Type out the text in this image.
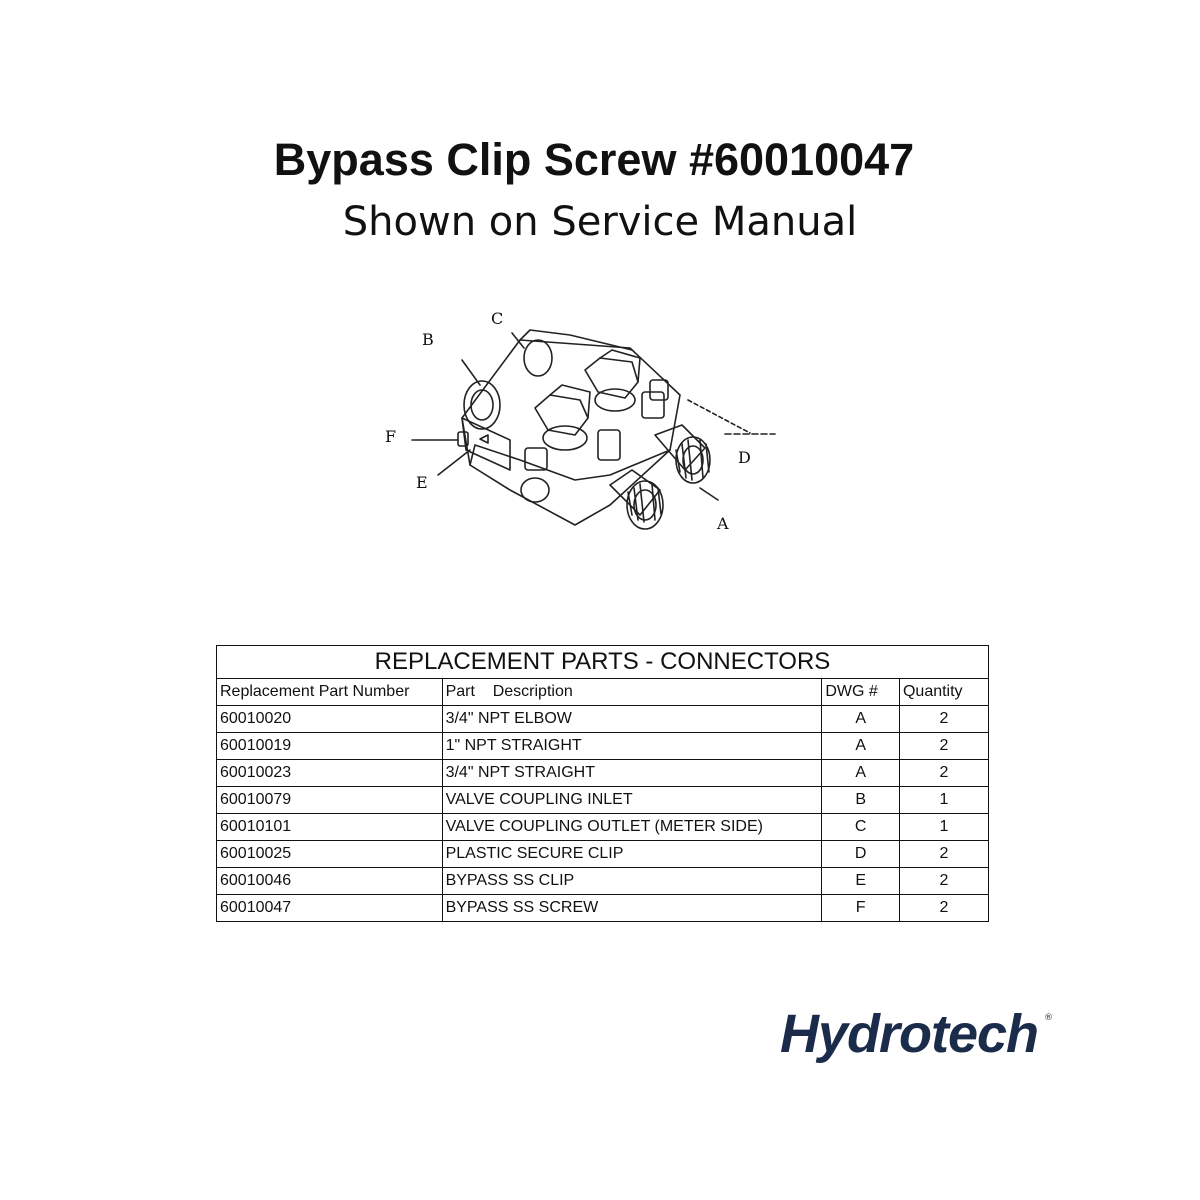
Bypass Clip Screw #60010047
Shown on Service Manual
B
C
F
E
D
A
REPLACEMENT PARTS - CONNECTORS			
Replacement Part Number	Part    Description	DWG #	Quantity
60010020	3/4" NPT ELBOW	A	2
60010019	1" NPT STRAIGHT	A	2
60010023	3/4" NPT STRAIGHT	A	2
60010079	VALVE COUPLING INLET	B	1
60010101	VALVE COUPLING OUTLET (METER SIDE)	C	1
60010025	PLASTIC SECURE CLIP	D	2
60010046	BYPASS SS CLIP	E	2
60010047	BYPASS SS SCREW	F	2
Hydrotech ®
